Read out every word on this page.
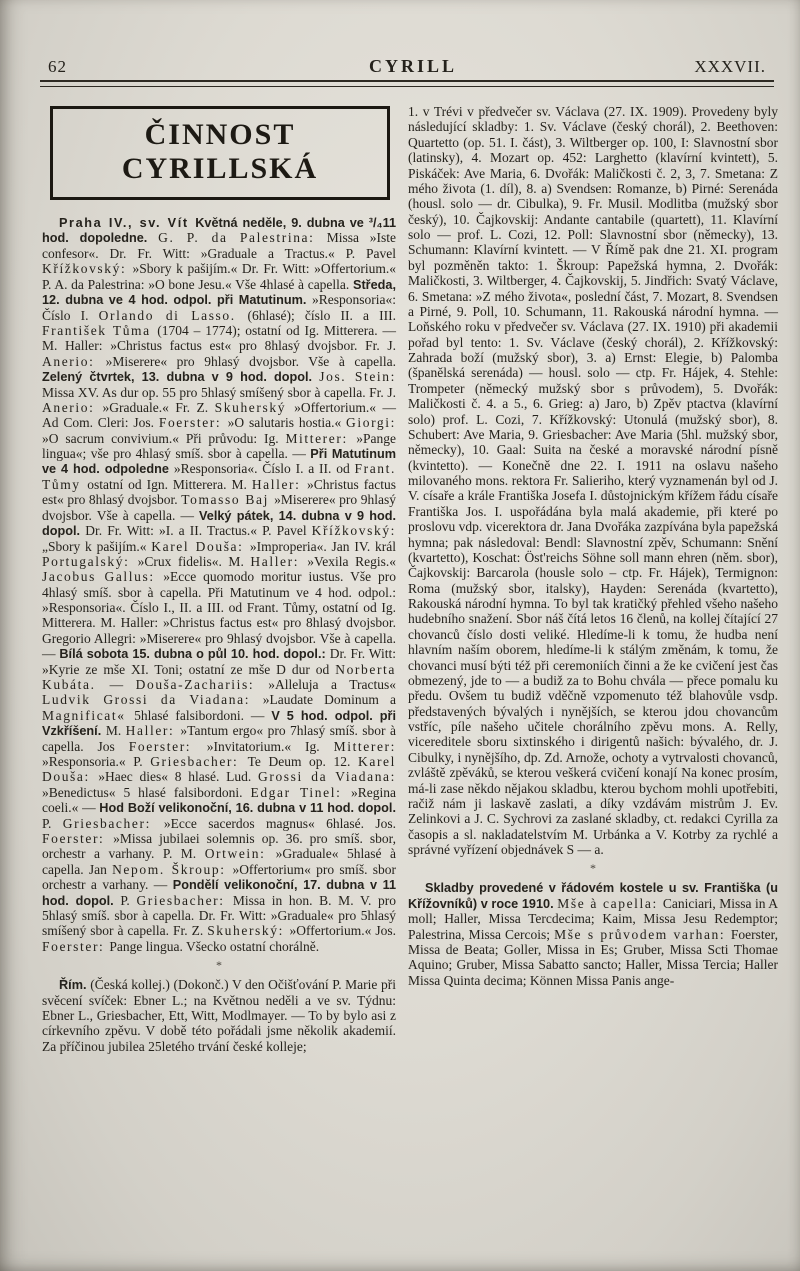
62	CYRILL	XXXVII.
ČINNOST CYRILLSKÁ

Praha IV., sv. Vít Květná neděle, 9. dubna ve ³/₄11 hod. dopoledne. G. P. da Palestrina: Missa »Iste confesor«. Dr. Fr. Witt: »Graduale a Tractus.« P. Pavel Křížkovský: »Sbory k pašijím.« Dr. Fr. Witt: »Offertorium.« P. A. da Palestrina: »O bone Jesu.« Vše 4hlasé à capella. Středa, 12. dubna ve 4 hod. odpol. při Matutinum. »Responsoria«: Číslo I. Orlando di Lasso. (6hlasé); číslo II. a III. František Tůma (1704 – 1774); ostatní od Ig. Mitterera. — M. Haller: »Christus factus est« pro 8hlasý dvojsbor. Fr. J. Anerio: »Miserere« pro 9hlasý dvojsbor. Vše à capella. Zelený čtvrtek, 13. dubna v 9 hod. dopol. Jos. Stein: Missa XV. As dur op. 55 pro 5hlasý smíšený sbor à capella. Fr. J. Anerio: »Graduale.« Fr. Z. Skuherský »Offertorium.« — Ad Com. Cleri: Jos. Foerster: »O salutaris hostia.« Giorgi: »O sacrum convivium.« Při průvodu: Ig. Mitterer: »Pange lingua«; vše pro 4hlasý smíš. sbor à capella. — Při Matutinum ve 4 hod. odpoledne »Responsoria«. Číslo I. a II. od Frant. Tůmy ostatní od Ign. Mitterera. M. Haller: »Christus factus est« pro 8hlasý dvojsbor. Tomasso Baj »Miserere« pro 9hlasý dvojsbor. Vše à capella. — Velký pátek, 14. dubna v 9 hod. dopol. Dr. Fr. Witt: »I. a II. Tractus.« P. Pavel Křížkovský: „Sbory k pašijím.« Karel Douša: »Improperia«. Jan IV. král Portugalský: »Crux fidelis«. M. Haller: »Vexila Regis.« Jacobus Gallus: »Ecce quomodo moritur iustus. Vše pro 4hlasý smíš. sbor à capella. Při Matutinum ve 4 hod. odpol.: »Responsoria«. Číslo I., II. a III. od Frant. Tůmy, ostatní od Ig. Mitterera. M. Haller: »Christus factus est« pro 8hlasý dvojsbor. Gregorio Allegri: »Miserere« pro 9hlasý dvojsbor. Vše à capella. — Bílá sobota 15. dubna o půl 10. hod. dopol.: Dr. Fr. Witt: »Kyrie ze mše XI. Toni; ostatní ze mše D dur od Norberta Kubáta. — Douša-Zachariis: »Alleluja a Tractus« Ludvik Grossi da Viadana: »Laudate Dominum a Magnificat« 5hlasé falsibordoni. — V 5 hod. odpol. při Vzkříšení. M. Haller: »Tantum ergo« pro 7hlasý smíš. sbor à capella. Jos Foerster: »Invitatorium.« Ig. Mitterer: »Responsoria.« P. Griesbacher: Te Deum op. 12. Karel Douša: »Haec dies« 8 hlasé. Lud. Grossi da Viadana: »Benedictus« 5 hlasé falsibordoni. Edgar Tinel: »Regina coeli.« — Hod Boží velikonoční, 16. dubna v 11 hod. dopol. P. Griesbacher: »Ecce sacerdos magnus« 6hlasé. Jos. Foerster: »Missa jubilaei solemnis op. 36. pro smíš. sbor, orchestr a varhany. P. M. Ortwein: »Graduale« 5hlasé à capella. Jan Nepom. Škroup: »Offertorium« pro smíš. sbor orchestr a varhany. — Pondělí velikonoční, 17. dubna v 11 hod. dopol. P. Griesbacher: Missa in hon. B. M. V. pro 5hlasý smíš. sbor à capella. Dr. Fr. Witt: »Graduale« pro 5hlasý smíšený sbor à capella. Fr. Z. Skuherský: »Offertorium.« Jos. Foerster: Pange lingua. Všecko ostatní chorálně.

*

Řím. (Česká kollej.) (Dokonč.) V den Očišťování P. Marie při svěcení svíček: Ebner L.; na Květnou neděli a ve sv. Týdnu: Ebner L., Griesbacher, Ett, Witt, Modlmayer. — To by bylo asi z církevního zpěvu. V době této pořádali jsme několik akademií. Za příčinou jubilea 25letého trvání české kolleje;

1. v Trévi v předvečer sv. Václava (27. IX. 1909). Provedeny byly následující skladby: 1. Sv. Václave (český chorál), 2. Beethoven: Quartetto (op. 51. I. část), 3. Wiltberger op. 100, I: Slavnostní sbor (latinsky), 4. Mozart op. 452: Larghetto (klavírní kvintett), 5. Piskáček: Ave Maria, 6. Dvořák: Maličkosti č. 2, 3, 7. Smetana: Z mého života (1. díl), 8. a) Svendsen: Romanze, b) Pirné: Serenáda (housl. solo — dr. Cibulka), 9. Fr. Musil. Modlitba (mužský sbor český), 10. Čajkovskij: Andante cantabile (quartett), 11. Klavírní solo — prof. L. Cozi, 12. Poll: Slavnostní sbor (německy), 13. Schumann: Klavírní kvintett. — V Římě pak dne 21. XI. program byl pozměněn takto: 1. Škroup: Papežská hymna, 2. Dvořák: Maličkosti, 3. Wiltberger, 4. Čajkovskij, 5. Jindřich: Svatý Václave, 6. Smetana: »Z mého života«, poslední část, 7. Mozart, 8. Svendsen a Pirné, 9. Poll, 10. Schumann, 11. Rakouská národní hymna. — Loňského roku v předvečer sv. Václava (27. IX. 1910) při akademii pořad byl tento: 1. Sv. Václave (český chorál), 2. Křížkovský: Zahrada boží (mužský sbor), 3. a) Ernst: Elegie, b) Palomba (španělská serenáda) — housl. solo — ctp. Fr. Hájek, 4. Stehle: Trompeter (německý mužský sbor s průvodem), 5. Dvořák: Maličkosti č. 4. a 5., 6. Grieg: a) Jaro, b) Zpěv ptactva (klavírní solo) prof. L. Cozi, 7. Křížkovský: Utonulá (mužský sbor), 8. Schubert: Ave Maria, 9. Griesbacher: Ave Maria (5hl. mužský sbor, německy), 10. Gaal: Suita na české a moravské národní písně (kvintetto). — Konečně dne 22. I. 1911 na oslavu našeho milovaného mons. rektora Fr. Salieriho, který vyznamenán byl od J. V. císaře a krále Františka Josefa I. důstojnickým křížem řádu císaře Františka Jos. I. uspořádána byla malá akademie, při které po proslovu vdp. vicerektora dr. Jana Dvořáka zazpívána byla papežská hymna; pak následoval: Bendl: Slavnostní zpěv, Schumann: Snění (kvartetto), Koschat: Öst'reichs Söhne soll mann ehren (něm. sbor), Čajkovskij: Barcarola (housle solo – ctp. Fr. Hájek), Termignon: Roma (mužský sbor, italsky), Hayden: Serenáda (kvartetto), Rakouská národní hymna. To byl tak kratičký přehled všeho našeho hudebního snažení. Sbor náš čítá letos 16 členů, na kollej čítající 27 chovanců číslo dosti veliké. Hledíme-li k tomu, že hudba není hlavním naším oborem, hledíme-li k stálým změnám, k tomu, že chovanci musí býti též při ceremoniích činni a že ke cvičení jest čas obmezený, jde to — a budiž za to Bohu chvála — přece pomalu ku předu. Ovšem tu budiž vděčně vzpomenuto též blahovůle vsdp. představených bývalých i nynějších, se kterou jdou chovancům vstříc, píle našeho učitele chorálního zpěvu mons. A. Relly, vicereditele sboru sixtinského i dirigentů našich: bývalého, dr. J. Cibulky, i nynějšího, dp. Zd. Arnože, ochoty a vytrvalosti chovanců, zvláště zpěváků, se kterou veškerá cvičení konají Na konec prosím, má-li zase někdo nějakou skladbu, kterou bychom mohli upotřebiti, račiž nám ji laskavě zaslati, a díky vzdávám mistrům J. Ev. Zelinkovi a J. C. Sychrovi za zaslané skladby, ct. redakci Cyrilla za časopis a sl. nakladatelstvím M. Urbánka a V. Kotrby za rychlé a správné vyřízení objednávek S — a.

*

Skladby provedené v řádovém kostele u sv. Františka (u Křížovníků) v roce 1910. Mše à capella: Caniciari, Missa in A moll; Haller, Missa Tercdecima; Kaim, Missa Jesu Redemptor; Palestrina, Missa Cercois; Mše s průvodem varhan: Foerster, Missa de Beata; Goller, Missa in Es; Gruber, Missa Scti Thomae Aquino; Gruber, Missa Sabatto sancto; Haller, Missa Tercia; Haller Missa Quinta decima; Können Missa Panis ange-
